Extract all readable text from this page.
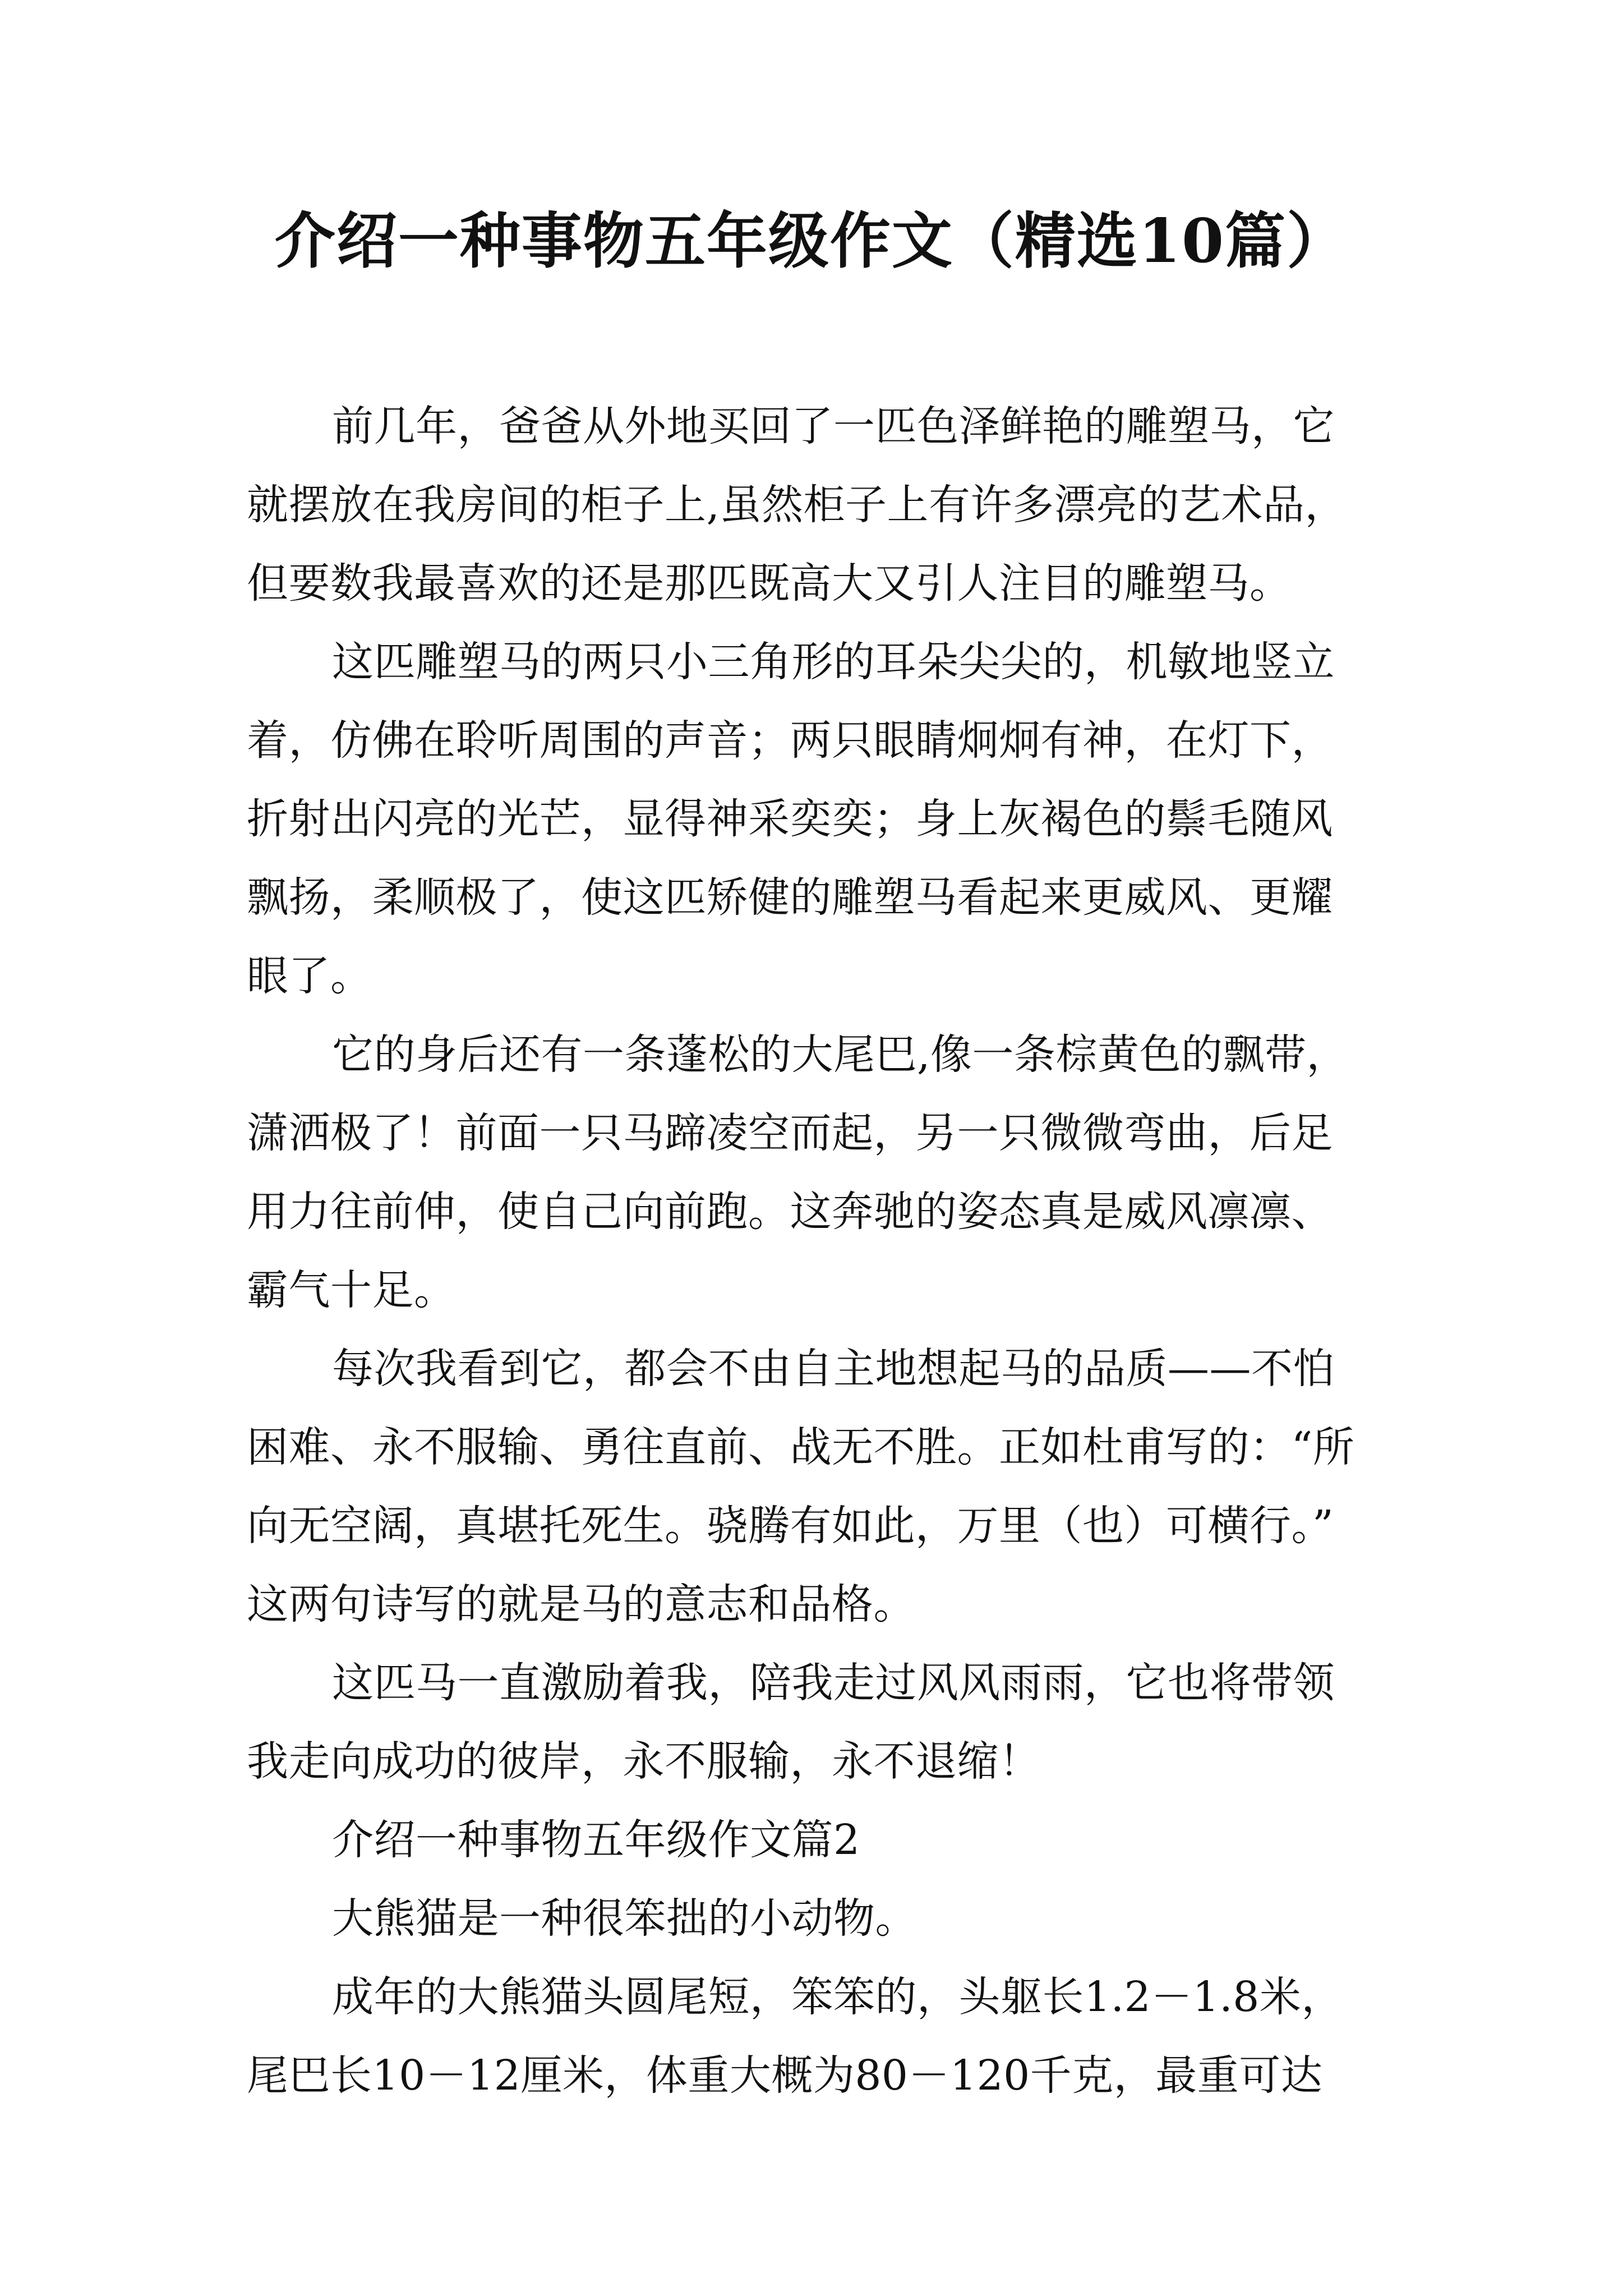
介绍一种事物五年级作文（精选10篇）
前几年，爸爸从外地买回了一匹色泽鲜艳的雕塑马，它
就摆放在我房间的柜子上,虽然柜子上有许多漂亮的艺术品，
但要数我最喜欢的还是那匹既高大又引人注目的雕塑马。
这匹雕塑马的两只小三角形的耳朵尖尖的，机敏地竖立
着，仿佛在聆听周围的声音；两只眼睛炯炯有神，在灯下，
折射出闪亮的光芒，显得神采奕奕；身上灰褐色的鬃毛随风
飘扬，柔顺极了，使这匹矫健的雕塑马看起来更威风、更耀
眼了。
它的身后还有一条蓬松的大尾巴,像一条棕黄色的飘带，
潇洒极了！前面一只马蹄凌空而起，另一只微微弯曲，后足
用力往前伸，使自己向前跑。这奔驰的姿态真是威风凛凛、
霸气十足。
每次我看到它，都会不由自主地想起马的品质——不怕
困难、永不服输、勇往直前、战无不胜。正如杜甫写的：“所
向无空阔，真堪托死生。骁腾有如此，万里（也）可横行。”
这两句诗写的就是马的意志和品格。
这匹马一直激励着我，陪我走过风风雨雨，它也将带领
我走向成功的彼岸，永不服输，永不退缩！
介绍一种事物五年级作文篇2
大熊猫是一种很笨拙的小动物。
成年的大熊猫头圆尾短，笨笨的，头躯长1.2－1.8米，
尾巴长10－12厘米，体重大概为80－120千克，最重可达
